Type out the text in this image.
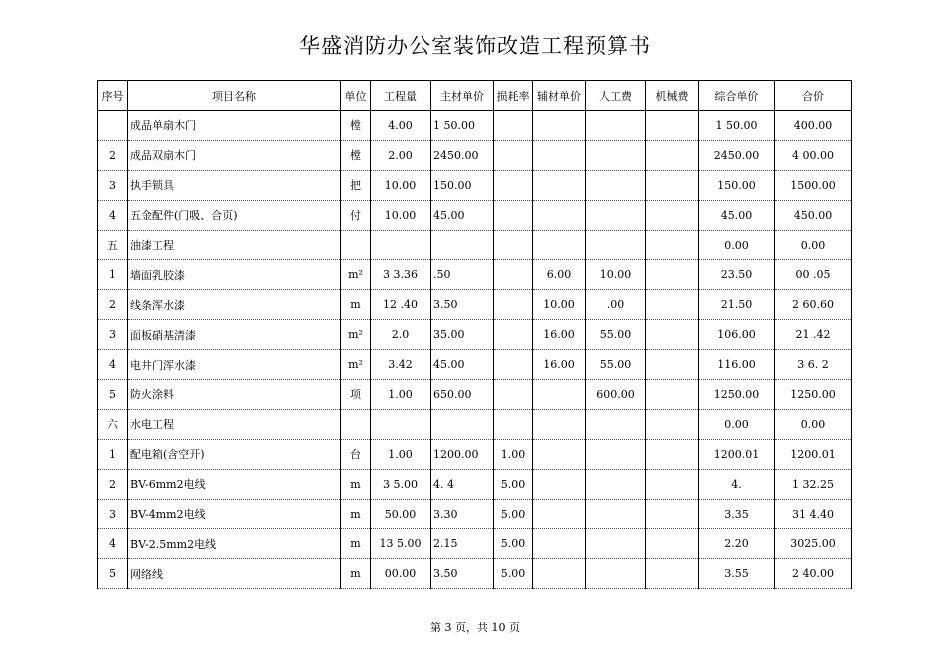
华盛消防办公室装饰改造工程预算书
序号	项目名称	单位	工程量	主材单价	损耗率	辅材单价	人工费	机械费	综合单价	合价
	成品单扇木门	樘	4.00	1 50.00					1 50.00	400.00
2	成品双扇木门	樘	2.00	2450.00					2450.00	4 00.00
3	执手锁具	把	10.00	150.00					150.00	1500.00
4	五金配件(门吸、合页)	付	10.00	45.00					45.00	450.00
五	油漆工程								0.00	0.00
1	墙面乳胶漆	m²	3 3.36	.50		6.00	10.00		23.50	00 .05
2	线条浑水漆	m	12 .40	3.50		10.00	.00		21.50	2 60.60
3	面板硝基清漆	m²	2.0	35.00		16.00	55.00		106.00	21 .42
4	电井门浑水漆	m²	3.42	45.00		16.00	55.00		116.00	3 6. 2
5	防火涂料	项	1.00	650.00			600.00		1250.00	1250.00
六	水电工程								0.00	0.00
1	配电箱(含空开)	台	1.00	1200.00	1.00				1200.01	1200.01
2	BV-6mm2电线	m	3 5.00	4. 4	5.00				4.	1 32.25
3	BV-4mm2电线	m	50.00	3.30	5.00				3.35	31 4.40
4	BV-2.5mm2电线	m	13 5.00	2.15	5.00				2.20	3025.00
5	网络线	m	00.00	3.50	5.00				3.55	2 40.00
第 3 页，共 10 页
